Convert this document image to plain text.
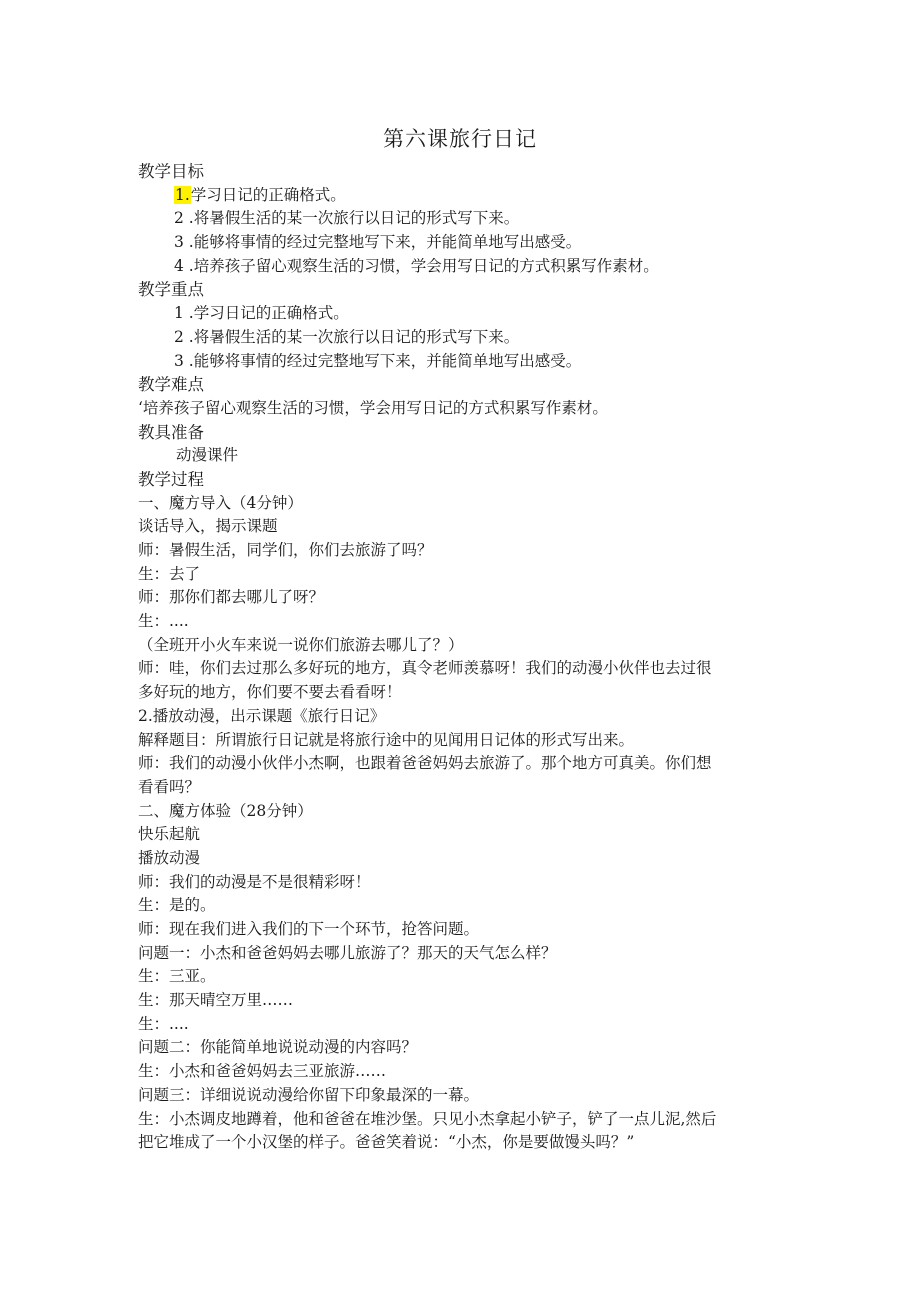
第六课旅行日记
教学目标
1.学习日记的正确格式。
2 .将暑假生活的某一次旅行以日记的形式写下来。
3 .能够将事情的经过完整地写下来，并能简单地写出感受。
4 .培养孩子留心观察生活的习惯，学会用写日记的方式积累写作素材。
教学重点
1 .学习日记的正确格式。
2 .将暑假生活的某一次旅行以日记的形式写下来。
3 .能够将事情的经过完整地写下来，并能简单地写出感受。
教学难点
‘培养孩子留心观察生活的习惯，学会用写日记的方式积累写作素材。
教具准备
动漫课件
教学过程
一、魔方导入（4分钟）
谈话导入，揭示课题
师：暑假生活，同学们，你们去旅游了吗？
生：去了
师：那你们都去哪儿了呀？
生：....
（全班开小火车来说一说你们旅游去哪儿了？）
师：哇，你们去过那么多好玩的地方，真令老师羡慕呀！我们的动漫小伙伴也去过很
多好玩的地方，你们要不要去看看呀！
2.播放动漫，出示课题《旅行日记》
解释题目：所谓旅行日记就是将旅行途中的见闻用日记体的形式写出来。
师：我们的动漫小伙伴小杰啊，也跟着爸爸妈妈去旅游了。那个地方可真美。你们想
看看吗？
二、魔方体验（28分钟）
快乐起航
播放动漫
师：我们的动漫是不是很精彩呀！
生：是的。
师：现在我们进入我们的下一个环节，抢答问题。
问题一：小杰和爸爸妈妈去哪儿旅游了？那天的天气怎么样？
生：三亚。
生：那天晴空万里……
生：....
问题二：你能简单地说说动漫的内容吗？
生：小杰和爸爸妈妈去三亚旅游……
问题三：详细说说动漫给你留下印象最深的一幕。
生：小杰调皮地蹲着，他和爸爸在堆沙堡。只见小杰拿起小铲子，铲了一点儿泥,然后
把它堆成了一个小汉堡的样子。爸爸笑着说：“小杰，你是要做馒头吗？”
